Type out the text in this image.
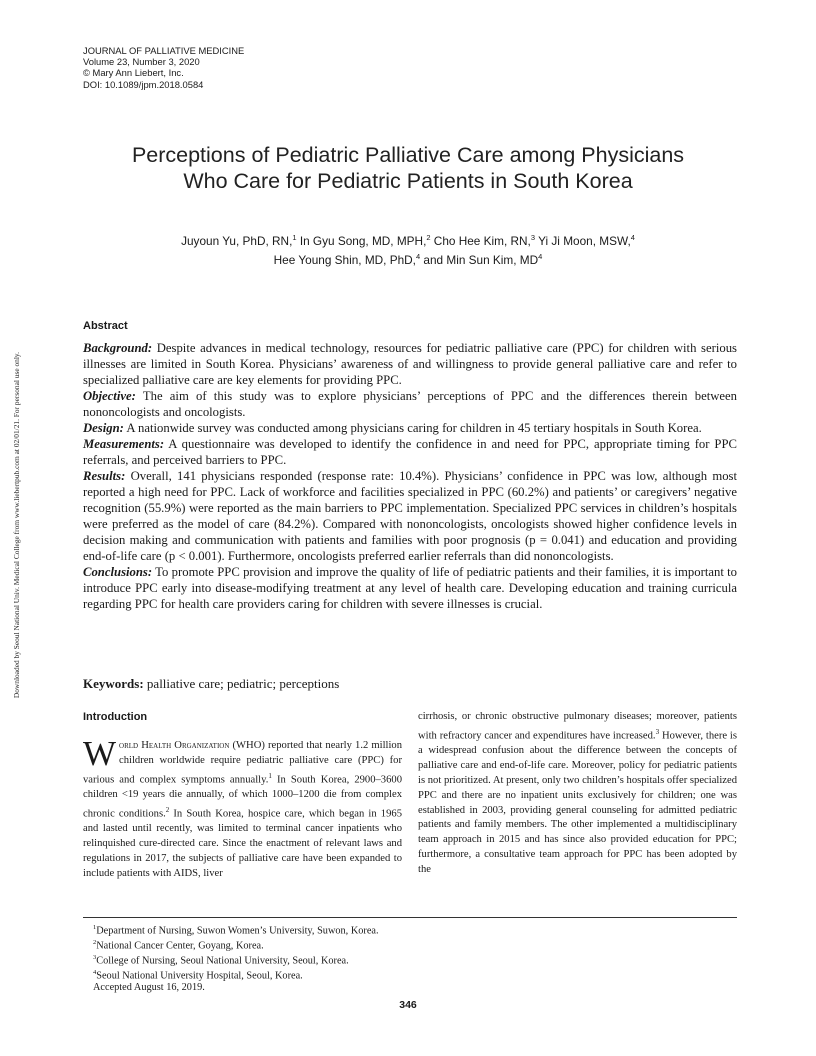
Downloaded by Seoul National Univ. Medical College from www.liebertpub.com at 02/01/21. For personal use only.
JOURNAL OF PALLIATIVE MEDICINE
Volume 23, Number 3, 2020
© Mary Ann Liebert, Inc.
DOI: 10.1089/jpm.2018.0584
Perceptions of Pediatric Palliative Care among Physicians
Who Care for Pediatric Patients in South Korea
Juyoun Yu, PhD, RN,$^1$ In Gyu Song, MD, MPH,$^2$ Cho Hee Kim, RN,$^3$ Yi Ji Moon, MSW,$^4$
Hee Young Shin, MD, PhD,$^4$ and Min Sun Kim, $MD^4$
Abstract

Background: Despite advances in medical technology, resources for pediatric palliative care (PPC) for children with serious illnesses are limited in South Korea. Physicians’ awareness of and willingness to provide general palliative care and refer to specialized palliative care are key elements for providing PPC.

Objective: The aim of this study was to explore physicians’ perceptions of PPC and the differences therein between nononcologists and oncologists.

Design: A nationwide survey was conducted among physicians caring for children in 45 tertiary hospitals in South Korea.

Measurements: A questionnaire was developed to identify the confidence in and need for PPC, appropriate timing for PPC referrals, and perceived barriers to PPC.

Results: Overall, 141 physicians responded (response rate: 10.4%). Physicians’ confidence in PPC was low, although most reported a high need for PPC. Lack of workforce and facilities specialized in PPC (60.2%) and patients’ or caregivers’ negative recognition (55.9%) were reported as the main barriers to PPC implementation. Specialized PPC services in children’s hospitals were preferred as the model of care (84.2%). Compared with nononcologists, oncologists showed higher confidence levels in decision making and communication with patients and families with poor prognosis (p = 0.041) and education and providing end-of-life care (p < 0.001). Furthermore, oncologists preferred earlier referrals than did nononcologists.

Conclusions: To promote PPC provision and improve the quality of life of pediatric patients and their families, it is important to introduce PPC early into disease-modifying treatment at any level of health care. Developing education and training curricula regarding PPC for health care providers caring for children with severe illnesses is crucial.

Keywords: palliative care; pediatric; perceptions
Introduction

World Health Organization (WHO) reported that nearly 1.2 million children worldwide require pediatric palliative care (PPC) for various and complex symptoms annually.$^1$ In South Korea, 2900–3600 children <19 years die annually, of which 1000–1200 die from complex chronic conditions.$^2$ In South Korea, hospice care, which began in 1965 and lasted until recently, was limited to terminal cancer inpatients who relinquished cure-directed care. Since the enactment of relevant laws and regulations in 2017, the subjects of palliative care have been expanded to include patients with AIDS, liver

cirrhosis, or chronic obstructive pulmonary diseases; moreover, patients with refractory cancer and expenditures have increased.$^3$ However, there is a widespread confusion about the difference between the concepts of palliative care and end-of-life care. Moreover, policy for pediatric patients is not prioritized. At present, only two children’s hospitals offer specialized PPC and there are no inpatient units exclusively for children; one was established in 2003, providing general counseling for admitted pediatric patients and family members. The other implemented a multidisciplinary team approach in 2015 and has since also provided education for PPC; furthermore, a consultative team approach for PPC has been adopted by the

$^1$Department of Nursing, Suwon Women’s University, Suwon, Korea.
$^2$National Cancer Center, Goyang, Korea.
$^3$College of Nursing, Seoul National University, Seoul, Korea.
$^4$Seoul National University Hospital, Seoul, Korea.
Accepted August 16, 2019.
346
